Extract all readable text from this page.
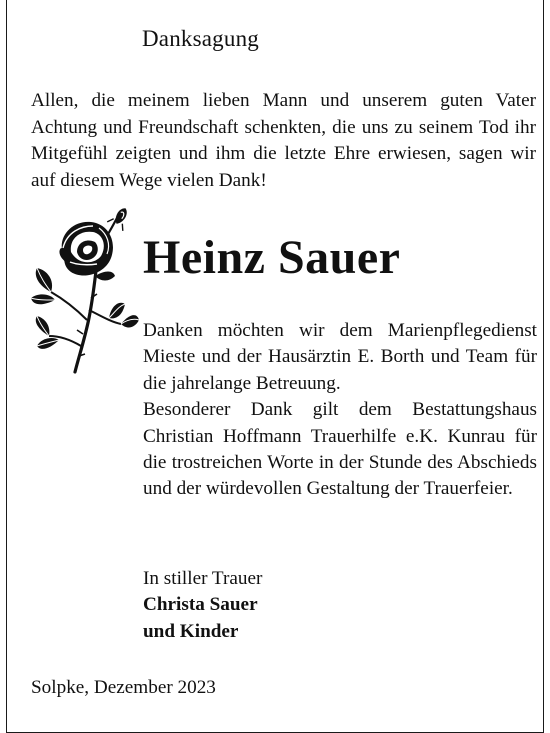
Danksagung

Allen, die meinem lieben Mann und unserem guten Vater Achtung und Freundschaft schenkten, die uns zu seinem Tod ihr Mitgefühl zeigten und ihm die letzte Ehre erwiesen, sagen wir auf diesem Wege vielen Dank!

Heinz Sauer

Danken möchten wir dem Marienpflegedienst Mieste und der Hausärztin E. Borth und Team für die jahrelange Betreuung.

Besonderer Dank gilt dem Bestattungshaus Christian Hoffmann Trauerhilfe e.K. Kunrau für die trostreichen Worte in der Stunde des Abschieds und der würdevollen Gestaltung der Trauerfeier.

In stiller Trauer
Christa Sauer
und Kinder
Solpke, Dezember 2023
